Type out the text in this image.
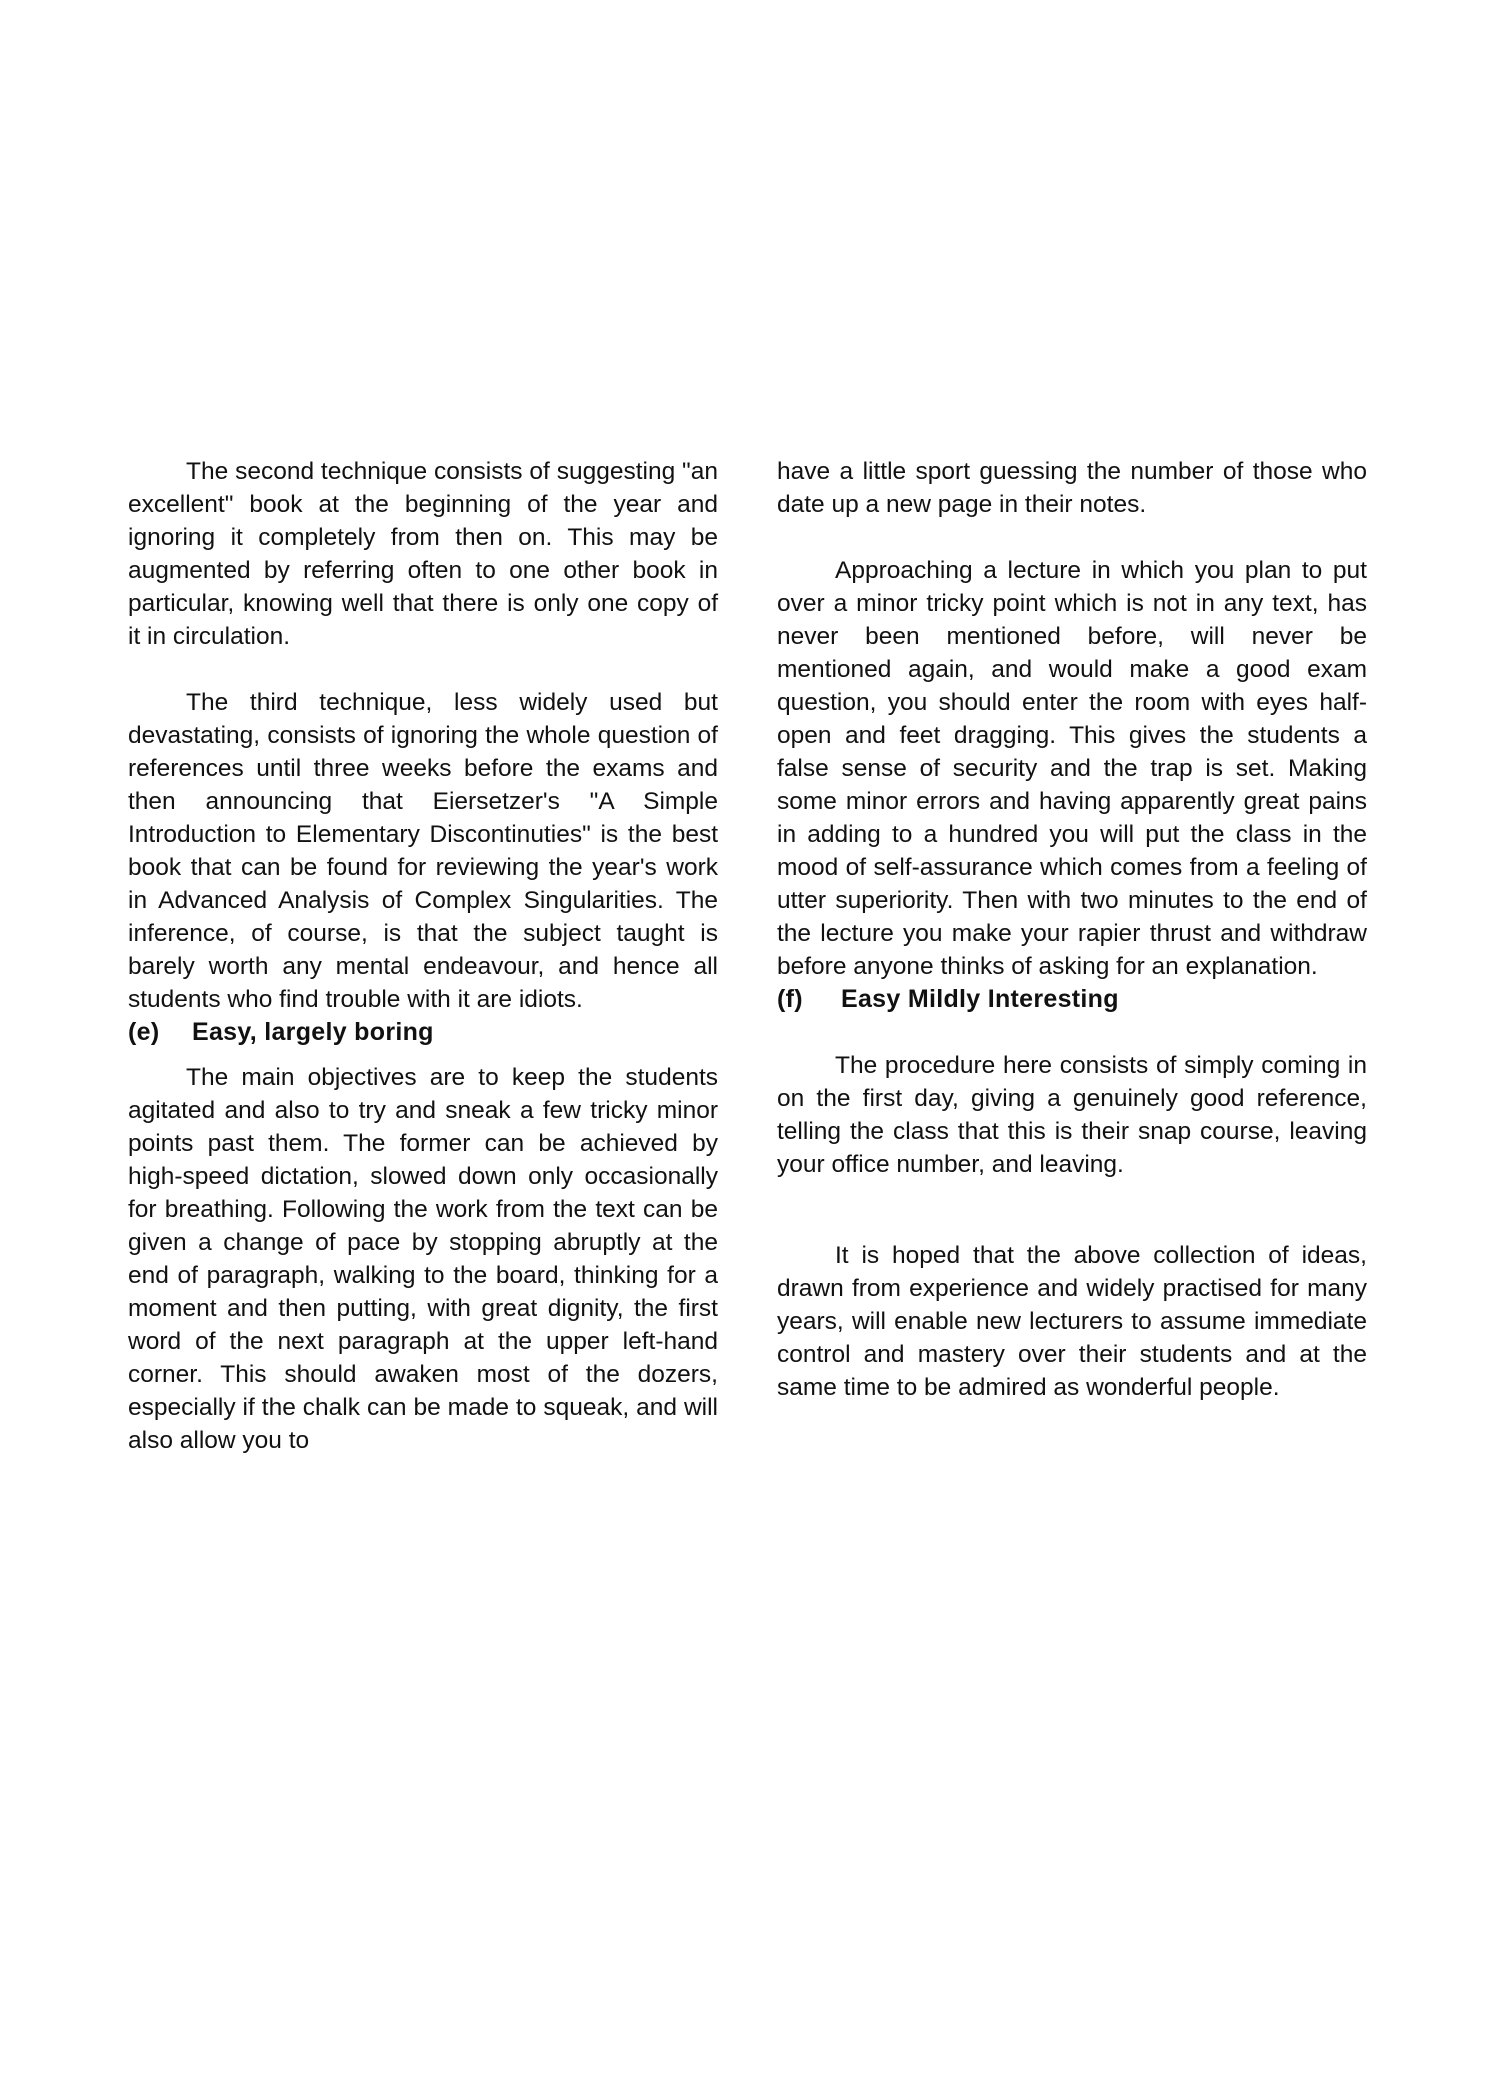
The second technique consists of suggesting "an excellent" book at the beginning of the year and ignoring it completely from then on. This may be augmented by referring often to one other book in particular, knowing well that there is only one copy of it in circulation.

The third technique, less widely used but devastating, consists of ignoring the whole question of references until three weeks before the exams and then announcing that Eiersetzer's "A Simple Introduction to Elementary Discontinuties" is the best book that can be found for reviewing the year's work in Advanced Analysis of Complex Singularities. The inference, of course, is that the subject taught is barely worth any mental endeavour, and hence all students who find trouble with it are idiots.

(e) Easy, largely boring

The main objectives are to keep the students agitated and also to try and sneak a few tricky minor points past them. The former can be achieved by high-speed dictation, slowed down only occasionally for breathing. Following the work from the text can be given a change of pace by stopping abruptly at the end of paragraph, walking to the board, thinking for a moment and then putting, with great dignity, the first word of the next paragraph at the upper left-hand corner. This should awaken most of the dozers, especially if the chalk can be made to squeak, and will also allow you to

have a little sport guessing the number of those who date up a new page in their notes.

Approaching a lecture in which you plan to put over a minor tricky point which is not in any text, has never been mentioned before, will never be mentioned again, and would make a good exam question, you should enter the room with eyes half-open and feet dragging. This gives the students a false sense of security and the trap is set. Making some minor errors and having apparently great pains in adding to a hundred you will put the class in the mood of self-assurance which comes from a feeling of utter superiority. Then with two minutes to the end of the lecture you make your rapier thrust and withdraw before anyone thinks of asking for an explanation.

(f) Easy Mildly Interesting

The procedure here consists of simply coming in on the first day, giving a genuinely good reference, telling the class that this is their snap course, leaving your office number, and leaving.

It is hoped that the above collection of ideas, drawn from experience and widely practised for many years, will enable new lecturers to assume immediate control and mastery over their students and at the same time to be admired as wonderful people.
